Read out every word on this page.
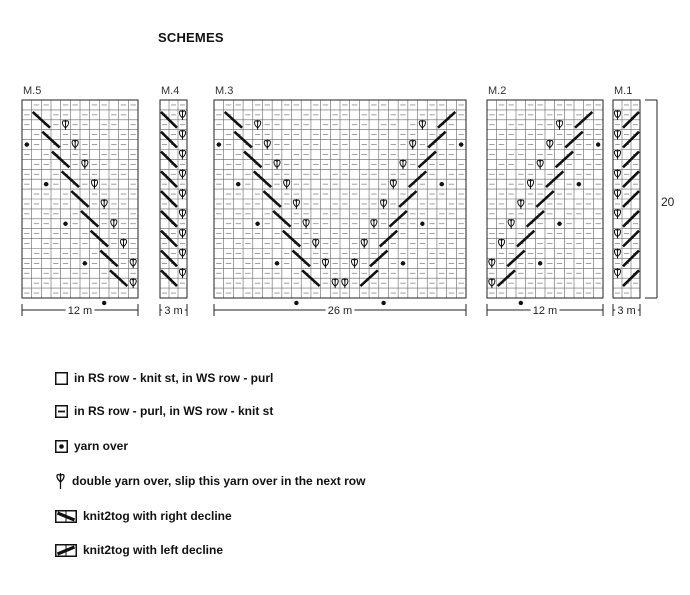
SCHEMES
M.5
12 m
M.4
3 m
M.3
26 m
M.2
12 m
M.1
3 m
20
in RS row - knit st, in WS row - purl
in RS row - purl, in WS row - knit st
yarn over
double yarn over, slip this yarn over in the next row
knit2tog with right decline
knit2tog with left decline
